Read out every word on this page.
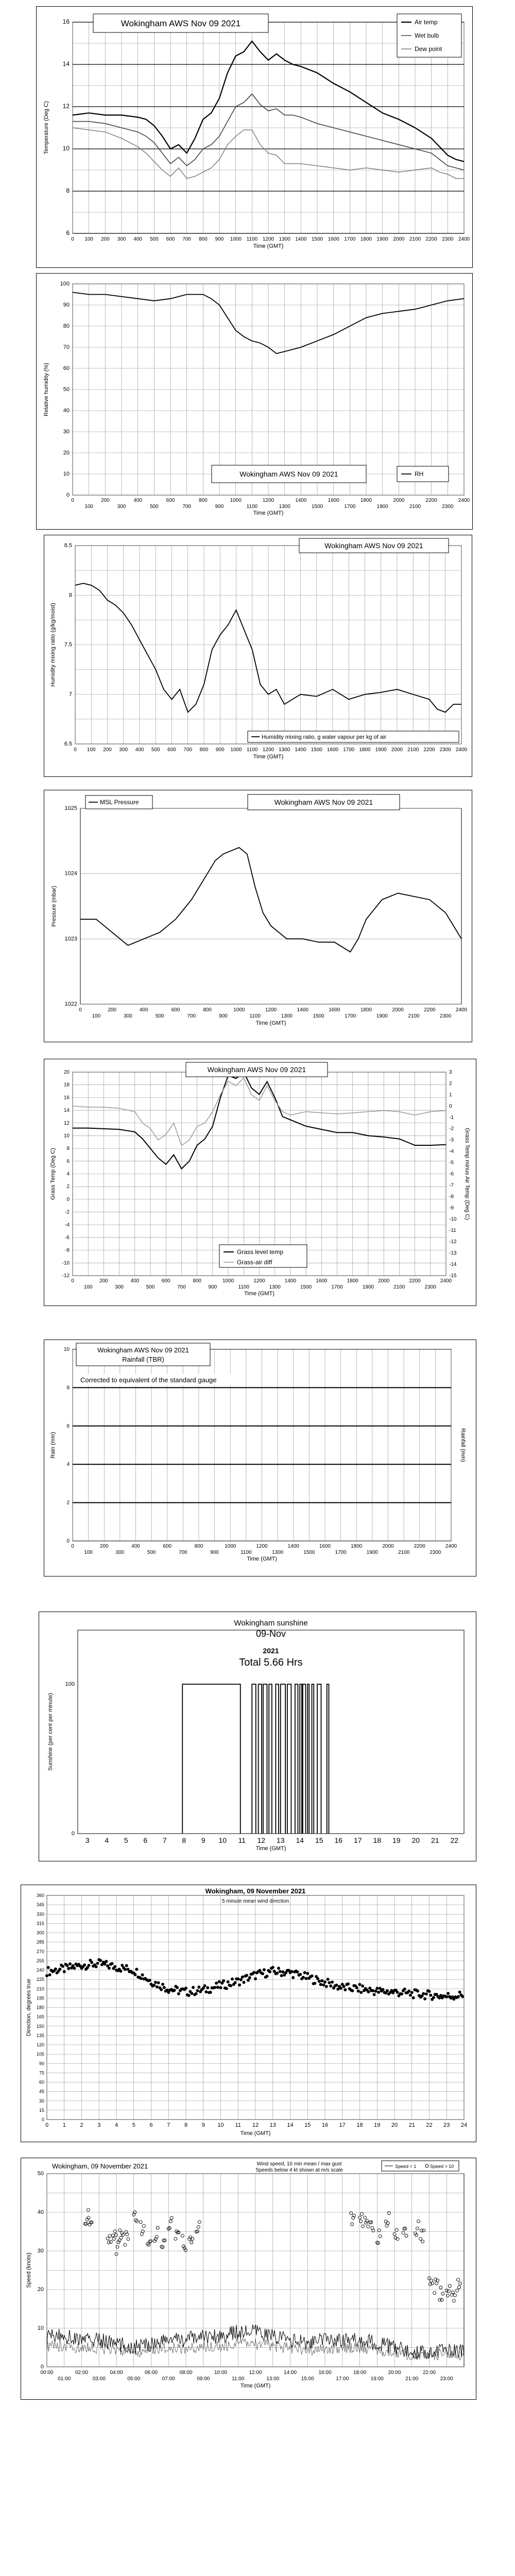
6
8
10
12
14
16
0 100 200 300 400 500 600 700 800 900 1000 1100 1200 1300 1400 1500 1600 1700 1800 1900 2000 2100 2200 2300 2400
Time (GMT)
Temperature (Deg C)
Wokingham AWS Nov 09 2021	Air temp
Wet bulb
Dew point
0
10
20
30
40
50
60
70
80
90
100
0	200	400	600	800	1000	1200	1400	1600	1800	2000	2200	2400
100	300	500	700	900	1100	1300	1500	1700	1900	2100	2300
Time (GMT)
Relative humidity (%)
Wokingham AWS Nov 09 2021	RH
6.5
7
7.5
8
8.5
0 100 200 300 400 500 600 700 800 900 1000 1100 1200 1300 1400 1500 1600 1700 1800 1900 2000 2100 2200 2300 2400
Time (GMT)
Humidity mixing ratio (g/kg/moist)
Wokingham AWS Nov 09 2021
Humidity mixing ratio, g water vapour per kg of air
1022
1023
1024
1025
0	200	400	600	800	1000	1200	1400	1600	1800	2000	2200	2400
100	300	500	700	900	1100	1300	1500	1700	1900	2100	2300
Time (GMT)
Pressure (mbar)
Wokingham AWS Nov 09 2021
MSL Pressure
-12
-10
-8
-6
-4
-2
0
2
4
6
8
10
12
14
16
18
20
-15
-14
-13
-12
-11
-10
-9
-8
-7
-6
-5
-4
-3
-2
-1
0
1
2
3
0	200	400	600	800	1000	1200	1400	1600	1800	2000	2200	2400
100	300	500	700	900	1100	1300	1500	1700	1900	2100	2300
Time (GMT)
Grass Temp (Deg C)	Grass Temp minus Air Temp (Deg C)
Wokingham AWS Nov 09 2021
Grass level temp
Grass-air diff
0
2
4
6
8
10
0	200	400	600	800	1000	1200	1400	1600	1800	2000	2200	2400
100	300	500	700	900	1100	1300	1500	1700	1900	2100	2300
Time (GMT)
Rain (mm)	Rainfall (mm)
Wokingham AWS Nov 09 2021
Rainfall (TBR)
Corrected to equivalent of the standard gauge
0
100
3 4 5 6 7 8 9 10 11 12 13 14 15 16 17 18 19 20 21 22
Time (GMT)
Sunshine (per cent per minute)
Wokingham sunshine
09-Nov
2021
Total 5.66 Hrs
0
15
30
45
60
75
90
105
120
135
150
165
180
195
210
225
240
255
270
285
300
315
330
345
360
0	1	2	3	4	5	6	7	8	9 10 11 12 13 14 15 16 17 18 19 20 21 22 23 24
Time (GMT)
Direction, degrees true
Wokingham, 09 November 2021
5 minute mean wind direction
0
10
20
30
40
50
00:00	02:00	04:00	06:00	08:00	10:00	12:00	14:00	16:00	18:00	20:00	22:00
01:00	03:00	05:00	07:00	09:00	11:00	13:00	15:00	17:00	19:00	21:00	23:00
Time (GMT)
Speed (knots)
Wokingham, 09 November 2021	Wind speed, 10 min mean / max gust
Speeds below 4 kt shown at m/s scale
Speed < 1	Speed > 10
